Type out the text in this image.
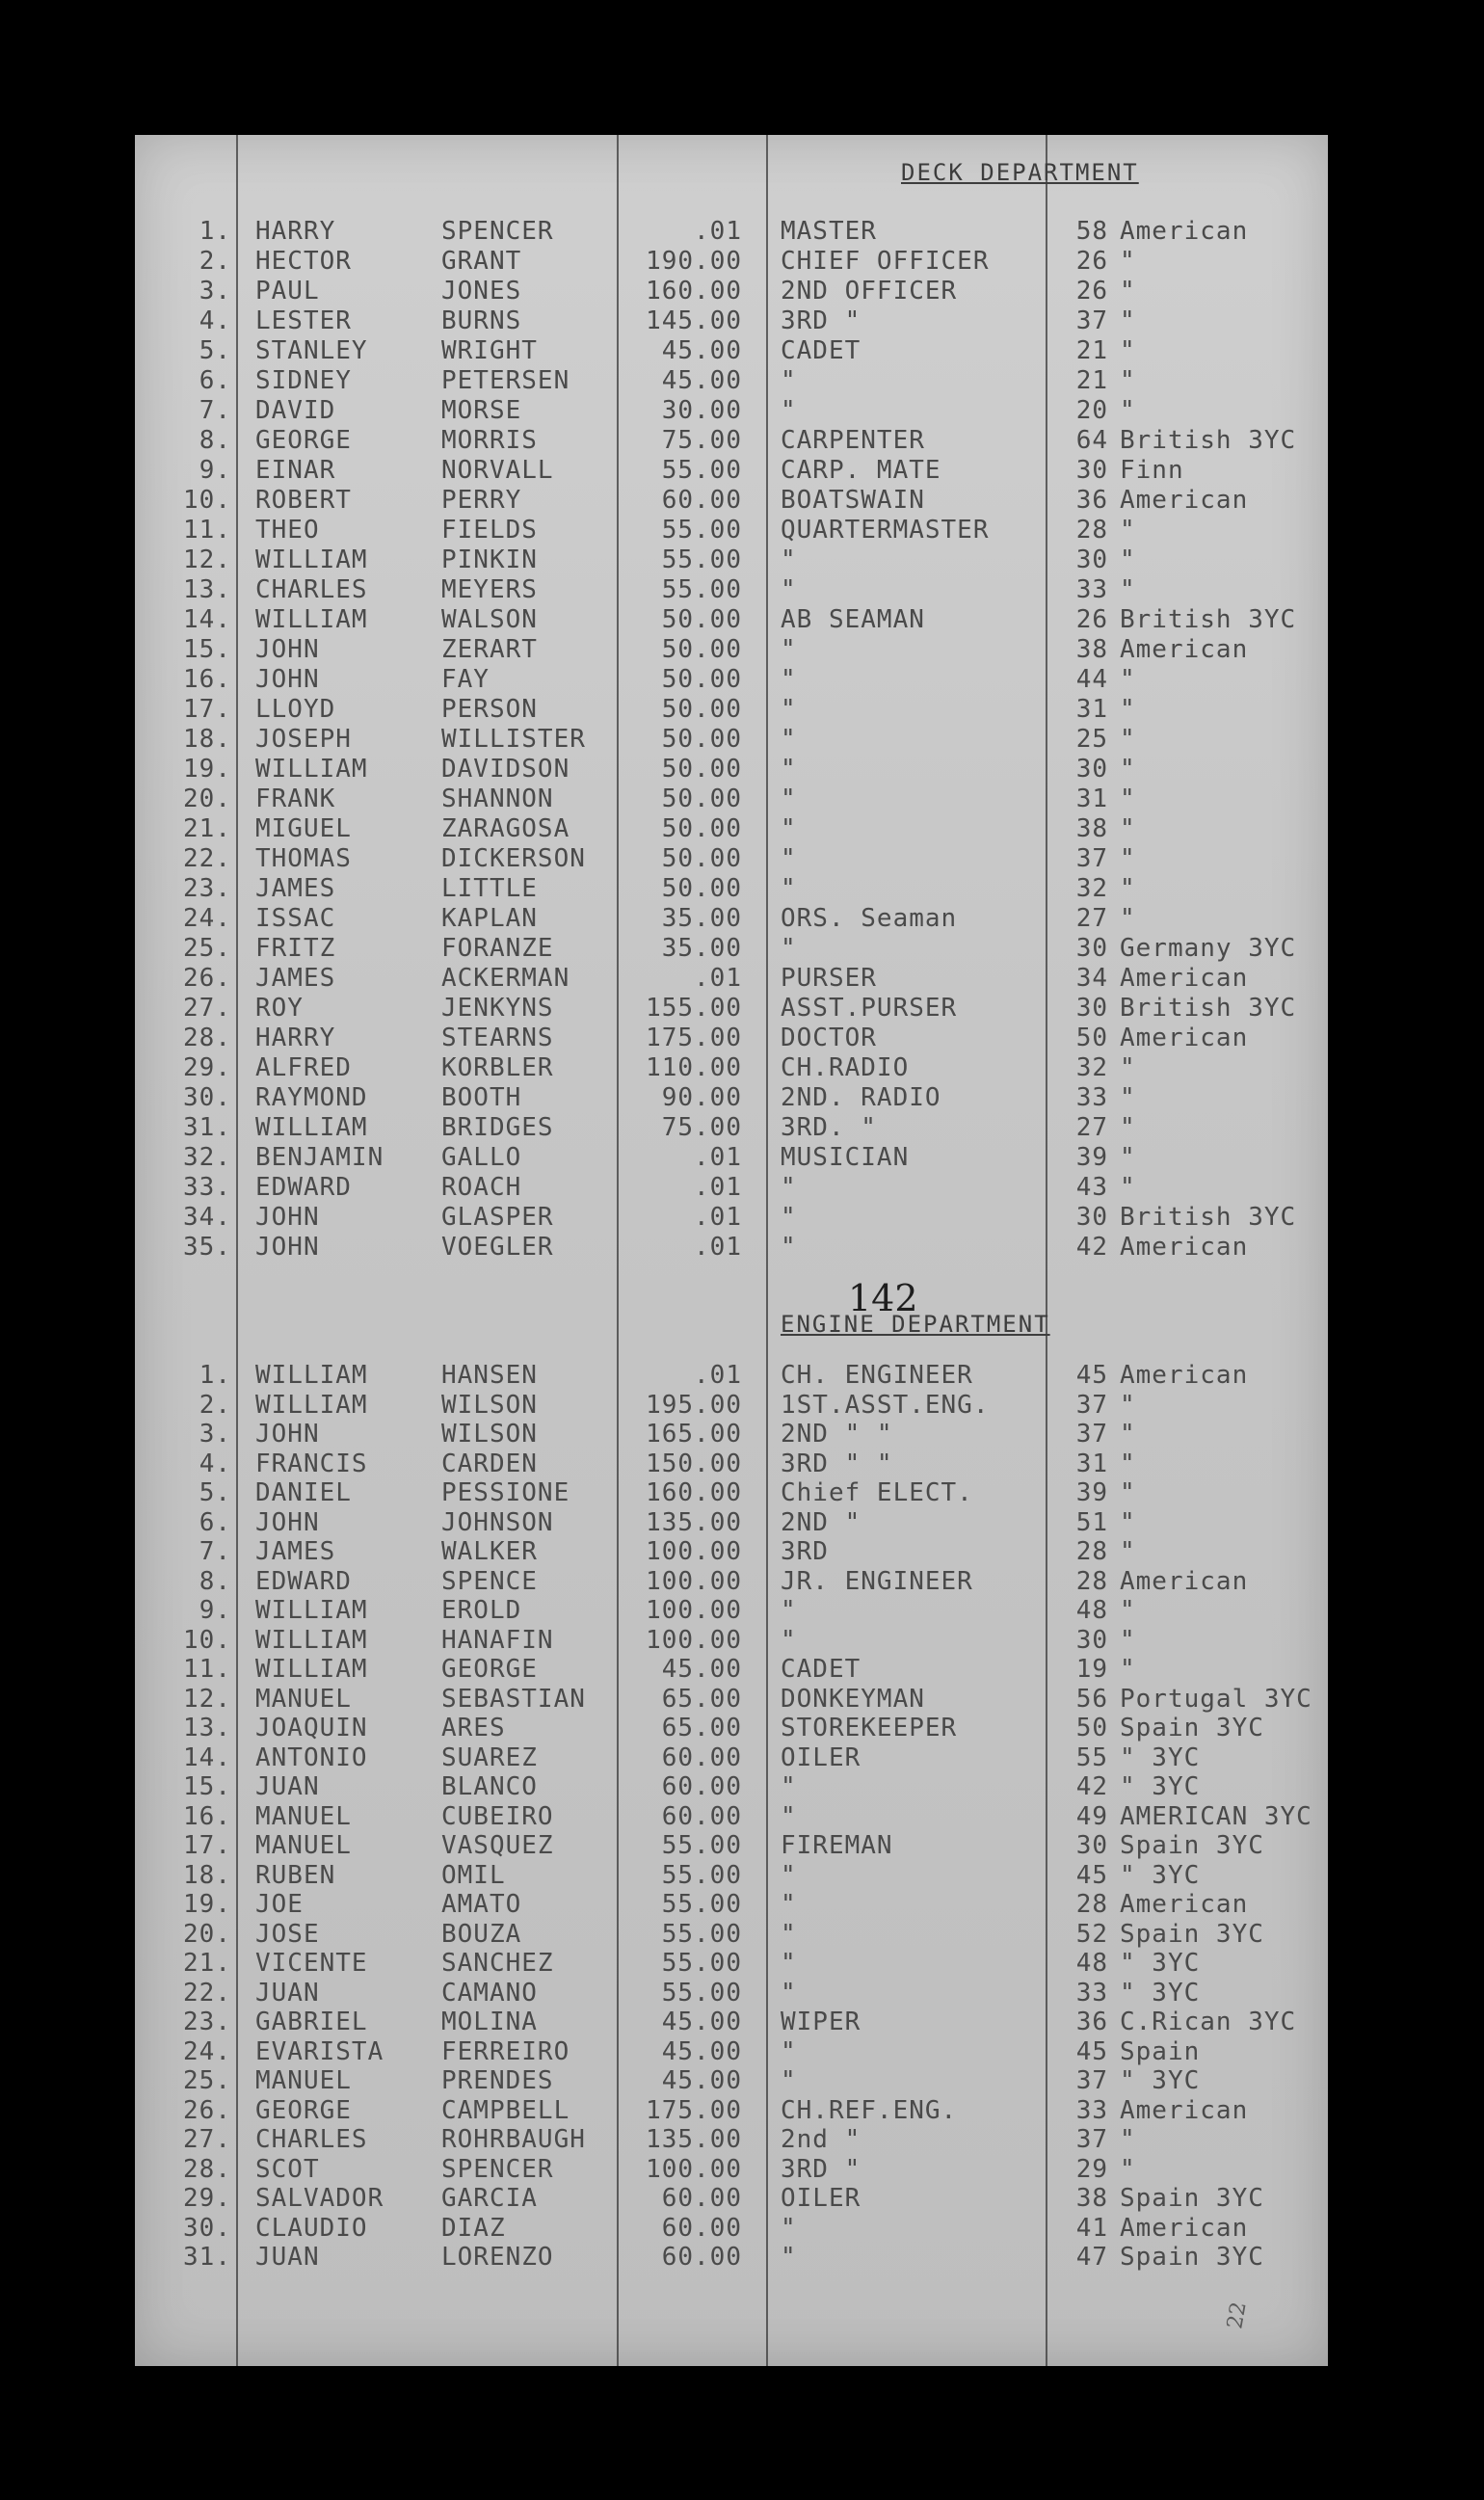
DECK DEPARTMENT
1. HARRY	SPENCER	.01 MASTER	58 American
2. HECTOR	GRANT	190.00 CHIEF OFFICER	26 "
3. PAUL	JONES	160.00 2ND OFFICER	26 "
4. LESTER	BURNS	145.00 3RD "	37 "
5. STANLEY	WRIGHT	45.00 CADET	21 "
6. SIDNEY	PETERSEN	45.00 "	21 "
7. DAVID	MORSE	30.00 "	20 "
8. GEORGE	MORRIS	75.00 CARPENTER	64 British 3YC
9. EINAR	NORVALL	55.00 CARP. MATE	30 Finn
10. ROBERT	PERRY	60.00 BOATSWAIN	36 American
11. THEO	FIELDS	55.00 QUARTERMASTER	28 "
12. WILLIAM	PINKIN	55.00 "	30 "
13. CHARLES	MEYERS	55.00 "	33 "
14. WILLIAM	WALSON	50.00 AB SEAMAN	26 British 3YC
15. JOHN	ZERART	50.00 "	38 American
16. JOHN	FAY	50.00 "	44 "
17. LLOYD	PERSON	50.00 "	31 "
18. JOSEPH	WILLISTER	50.00 "	25 "
19. WILLIAM	DAVIDSON	50.00 "	30 "
20. FRANK	SHANNON	50.00 "	31 "
21. MIGUEL	ZARAGOSA	50.00 "	38 "
22. THOMAS	DICKERSON	50.00 "	37 "
23. JAMES	LITTLE	50.00 "	32 "
24. ISSAC	KAPLAN	35.00 ORS. Seaman	27 "
25. FRITZ	FORANZE	35.00 "	30 Germany 3YC
26. JAMES	ACKERMAN	.01 PURSER	34 American
27. ROY	JENKYNS	155.00 ASST.PURSER	30 British 3YC
28. HARRY	STEARNS	175.00 DOCTOR	50 American
29. ALFRED	KORBLER	110.00 CH.RADIO	32 "
30. RAYMOND	BOOTH	90.00 2ND. RADIO	33 "
31. WILLIAM	BRIDGES	75.00 3RD. "	27 "
32. BENJAMIN GALLO	.01 MUSICIAN	39 "
33. EDWARD	ROACH	.01 "	43 "
34. JOHN	GLASPER	.01 "	30 British 3YC
35. JOHN	VOEGLER	.01 "	42 American
142
ENGINE DEPARTMENT
1. WILLIAM	HANSEN	.01 CH. ENGINEER	45 American
2. WILLIAM	WILSON	195.00 1ST.ASST.ENG.	37 "
3. JOHN	WILSON	165.00 2ND " "	37 "
4. FRANCIS	CARDEN	150.00 3RD " "	31 "
5. DANIEL	PESSIONE	160.00 Chief ELECT.	39 "
6. JOHN	JOHNSON	135.00 2ND "	51 "
7. JAMES	WALKER	100.00 3RD	28 "
8. EDWARD	SPENCE	100.00 JR. ENGINEER	28 American
9. WILLIAM	EROLD	100.00 "	48 "
10. WILLIAM	HANAFIN	100.00 "	30 "
11. WILLIAM	GEORGE	45.00 CADET	19 "
12. MANUEL	SEBASTIAN	65.00 DONKEYMAN	56 Portugal 3YC
13. JOAQUIN	ARES	65.00 STOREKEEPER	50 Spain 3YC
14. ANTONIO	SUAREZ	60.00 OILER	55 " 3YC
15. JUAN	BLANCO	60.00 "	42 " 3YC
16. MANUEL	CUBEIRO	60.00 "	49 AMERICAN 3YC
17. MANUEL	VASQUEZ	55.00 FIREMAN	30 Spain 3YC
18. RUBEN	OMIL	55.00 "	45 " 3YC
19. JOE	AMATO	55.00 "	28 American
20. JOSE	BOUZA	55.00 "	52 Spain 3YC
21. VICENTE	SANCHEZ	55.00 "	48 " 3YC
22. JUAN	CAMANO	55.00 "	33 " 3YC
23. GABRIEL	MOLINA	45.00 WIPER	36 C.Rican 3YC
24. EVARISTA FERREIRO	45.00 "	45 Spain
25. MANUEL	PRENDES	45.00 "	37 " 3YC
26. GEORGE	CAMPBELL	175.00 CH.REF.ENG.	33 American
27. CHARLES	ROHRBAUGH	135.00 2nd "	37 "
28. SCOT	SPENCER	100.00 3RD "	29 "
29. SALVADOR GARCIA	60.00 OILER	38 Spain 3YC
30. CLAUDIO	DIAZ	60.00 "	41 American
31. JUAN	LORENZO	60.00 "	47 Spain 3YC
22
